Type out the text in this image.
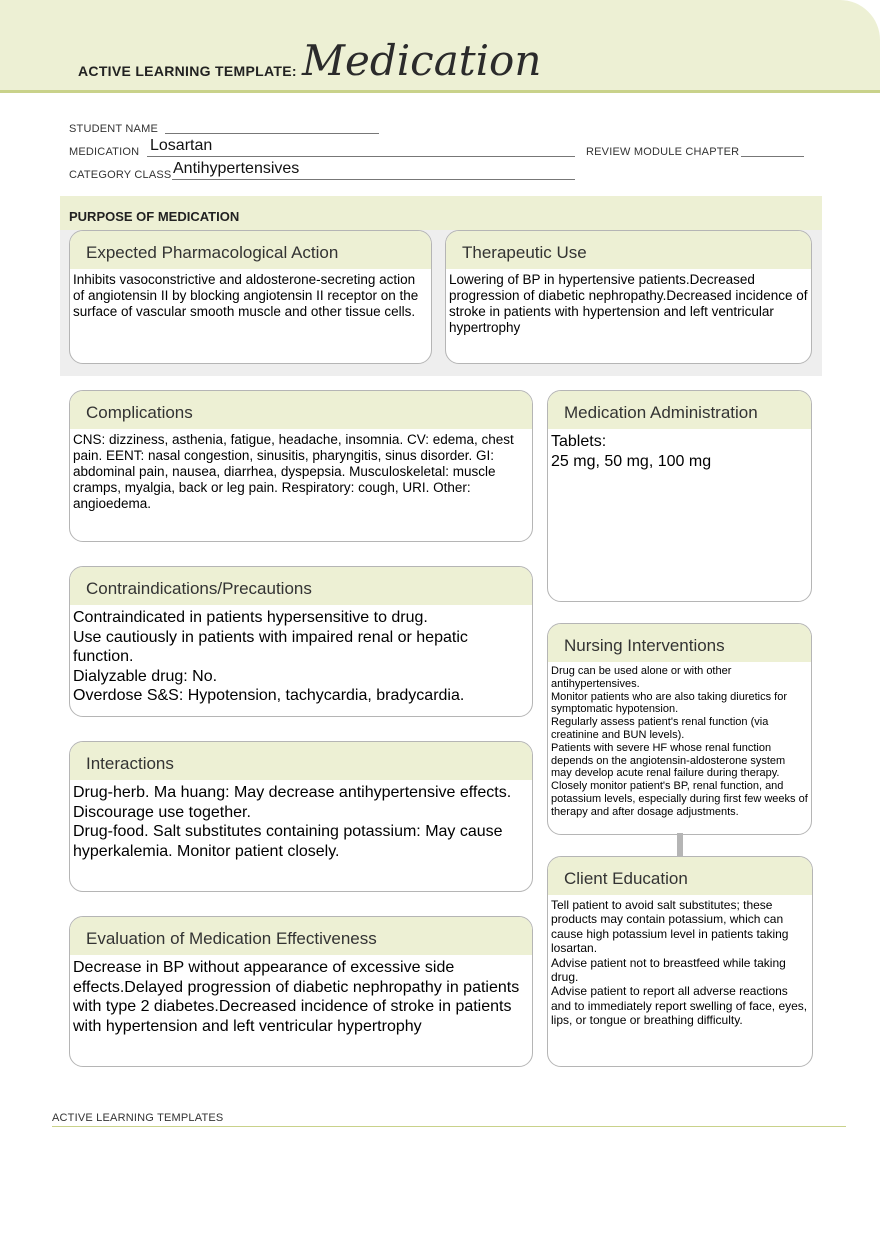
ACTIVE LEARNING TEMPLATE: Medication
STUDENT NAME
MEDICATION Losartan	REVIEW MODULE CHAPTER
CATEGORY CLASS Antihypertensives
PURPOSE OF MEDICATION
Expected Pharmacological Action
Inhibits vasoconstrictive and aldosterone-secreting action of angiotensin II by blocking angiotensin II receptor on the surface of vascular smooth muscle and other tissue cells.
Therapeutic Use
Lowering of BP in hypertensive patients.Decreased progression of diabetic nephropathy.Decreased incidence of stroke in patients with hypertension and left ventricular hypertrophy
Complications
CNS: dizziness, asthenia, fatigue, headache, insomnia. CV: edema, chest pain. EENT: nasal congestion, sinusitis, pharyngitis, sinus disorder. GI: abdominal pain, nausea, diarrhea, dyspepsia. Musculoskeletal: muscle cramps, myalgia, back or leg pain. Respiratory: cough, URI. Other: angioedema.
Medication Administration
Tablets:
25 mg, 50 mg, 100 mg
Contraindications/Precautions
Contraindicated in patients hypersensitive to drug.
Use cautiously in patients with impaired renal or hepatic function.
Dialyzable drug: No.
Overdose S&S: Hypotension, tachycardia, bradycardia.
Nursing Interventions
Drug can be used alone or with other antihypertensives.
Monitor patients who are also taking diuretics for symptomatic hypotension.
Regularly assess patient's renal function (via creatinine and BUN levels).
Patients with severe HF whose renal function depends on the angiotensin-aldosterone system may develop acute renal failure during therapy.
Closely monitor patient's BP, renal function, and potassium levels, especially during first few weeks of therapy and after dosage adjustments.
Interactions
Drug-herb. Ma huang: May decrease antihypertensive effects. Discourage use together.
Drug-food. Salt substitutes containing potassium: May cause hyperkalemia. Monitor patient closely.
Client Education
Tell patient to avoid salt substitutes; these products may contain potassium, which can cause high potassium level in patients taking losartan.
Advise patient not to breastfeed while taking drug.
Advise patient to report all adverse reactions and to immediately report swelling of face, eyes, lips, or tongue or breathing difficulty.
Evaluation of Medication Effectiveness
Decrease in BP without appearance of excessive side effects.Delayed progression of diabetic nephropathy in patients with type 2 diabetes.Decreased incidence of stroke in patients with hypertension and left ventricular hypertrophy
ACTIVE LEARNING TEMPLATES
